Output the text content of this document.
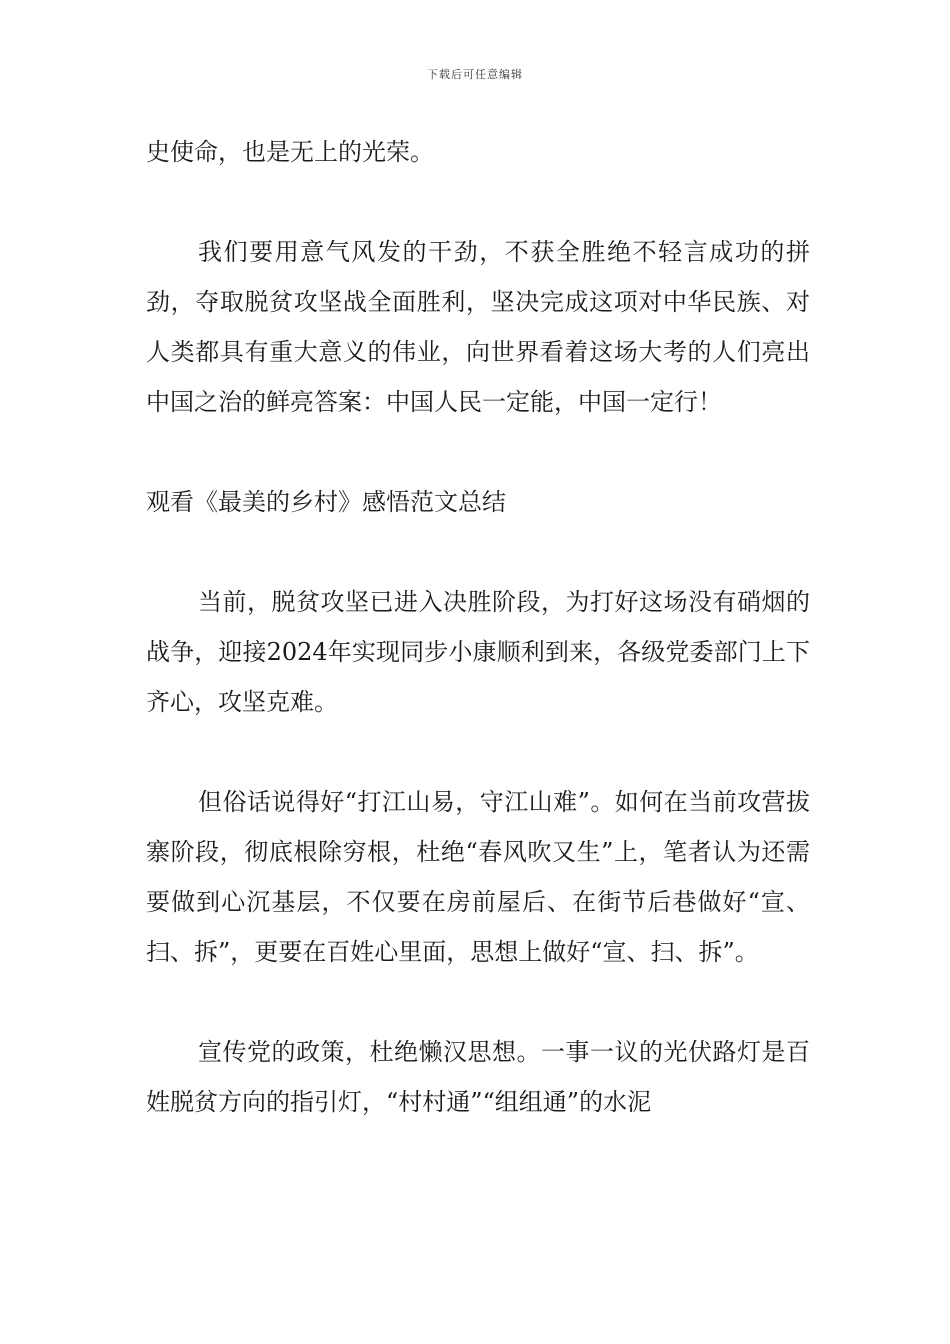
下载后可任意编辑

史使命，也是无上的光荣。

我们要用意气风发的干劲，不获全胜绝不轻言成功的拼劲，夺取脱贫攻坚战全面胜利，坚决完成这项对中华民族、对人类都具有重大意义的伟业，向世界看着这场大考的人们亮出中国之治的鲜亮答案：中国人民一定能，中国一定行！

观看《最美的乡村》感悟范文总结

当前，脱贫攻坚已进入决胜阶段，为打好这场没有硝烟的战争，迎接2024年实现同步小康顺利到来，各级党委部门上下齐心，攻坚克难。

但俗话说得好“打江山易，守江山难”。如何在当前攻营拔寨阶段，彻底根除穷根，杜绝“春风吹又生”上，笔者认为还需要做到心沉基层，不仅要在房前屋后、在街节后巷做好“宣、扫、拆”，更要在百姓心里面，思想上做好“宣、扫、拆”。

宣传党的政策，杜绝懒汉思想。一事一议的光伏路灯是百姓脱贫方向的指引灯，“村村通”“组组通”的水泥
